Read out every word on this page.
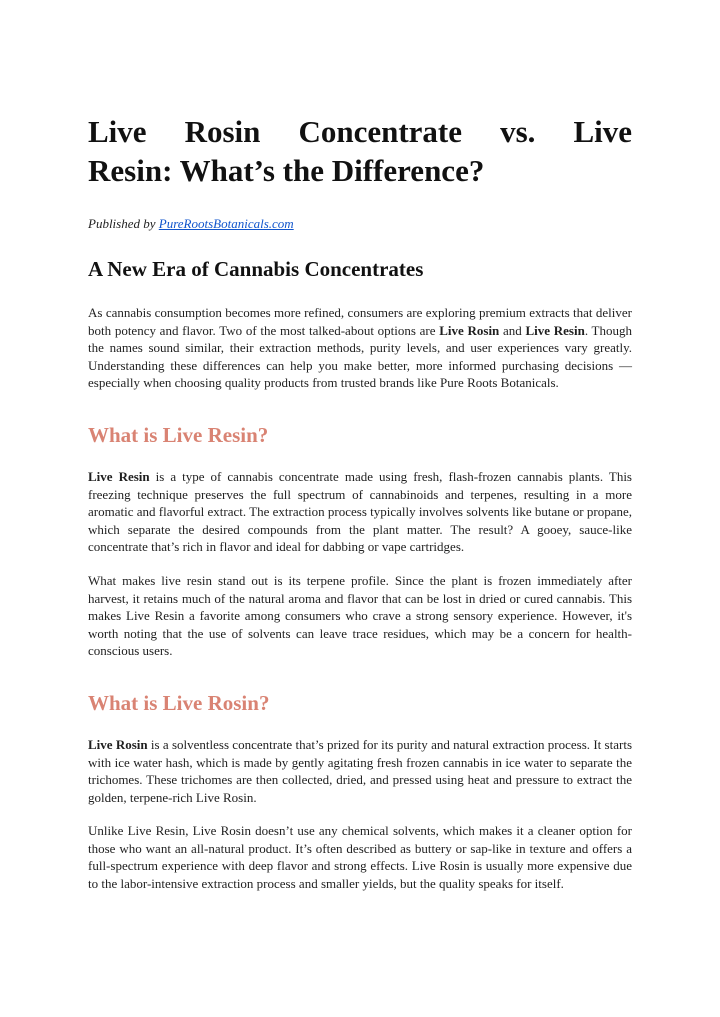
Live Rosin Concentrate vs. Live
Resin: What’s the Difference?
Published by PureRootsBotanicals.com
A New Era of Cannabis Concentrates

As cannabis consumption becomes more refined, consumers are exploring premium extracts that deliver both potency and flavor. Two of the most talked-about options are Live Rosin and Live Resin. Though the names sound similar, their extraction methods, purity levels, and user experiences vary greatly. Understanding these differences can help you make better, more informed purchasing decisions — especially when choosing quality products from trusted brands like Pure Roots Botanicals.

What is Live Resin?

Live Resin is a type of cannabis concentrate made using fresh, flash-frozen cannabis plants. This freezing technique preserves the full spectrum of cannabinoids and terpenes, resulting in a more aromatic and flavorful extract. The extraction process typically involves solvents like butane or propane, which separate the desired compounds from the plant matter. The result? A gooey, sauce-like concentrate that’s rich in flavor and ideal for dabbing or vape cartridges.

What makes live resin stand out is its terpene profile. Since the plant is frozen immediately after harvest, it retains much of the natural aroma and flavor that can be lost in dried or cured cannabis. This makes Live Resin a favorite among consumers who crave a strong sensory experience. However, it's worth noting that the use of solvents can leave trace residues, which may be a concern for health-conscious users.

What is Live Rosin?

Live Rosin is a solventless concentrate that’s prized for its purity and natural extraction process. It starts with ice water hash, which is made by gently agitating fresh frozen cannabis in ice water to separate the trichomes. These trichomes are then collected, dried, and pressed using heat and pressure to extract the golden, terpene-rich Live Rosin.

Unlike Live Resin, Live Rosin doesn’t use any chemical solvents, which makes it a cleaner option for those who want an all-natural product. It’s often described as buttery or sap-like in texture and offers a full-spectrum experience with deep flavor and strong effects. Live Rosin is usually more expensive due to the labor-intensive extraction process and smaller yields, but the quality speaks for itself.
